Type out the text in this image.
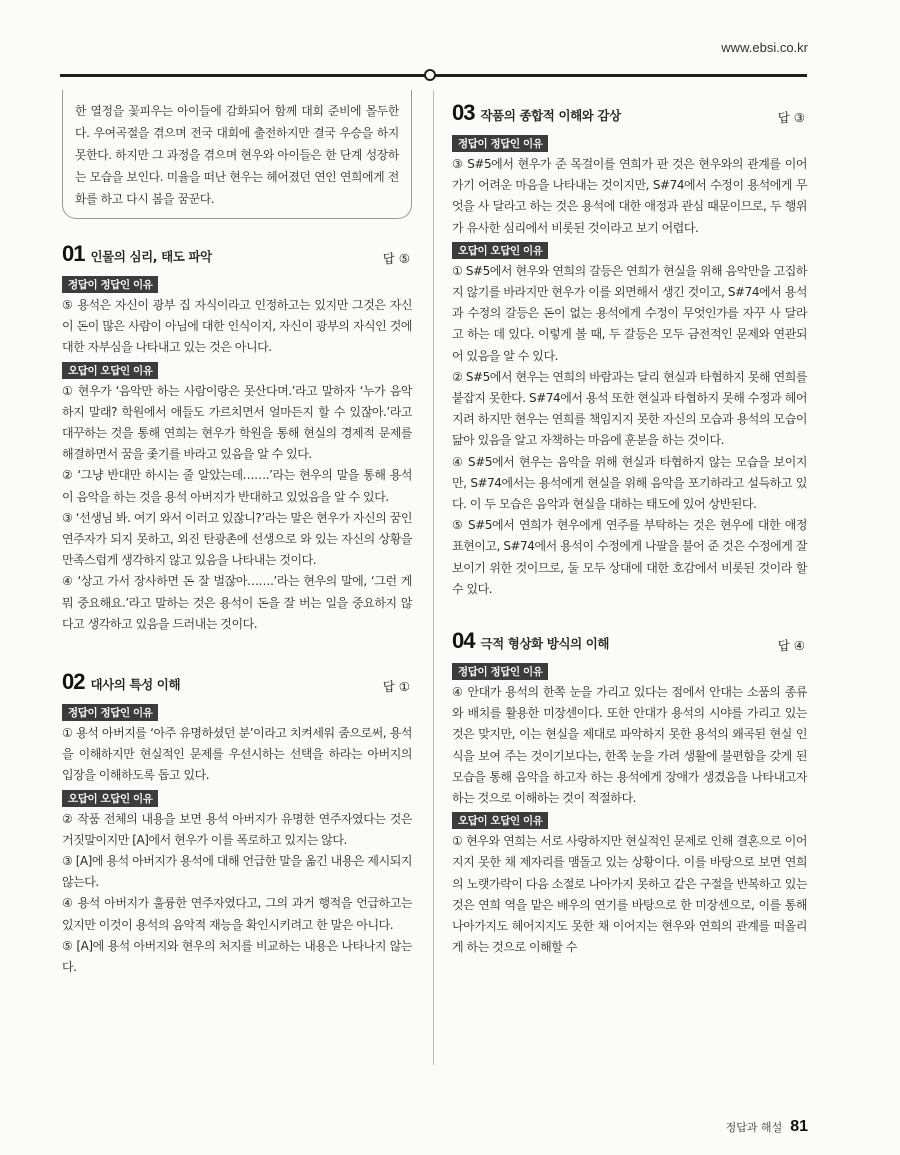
www.ebsi.co.kr
한 열정을 꽃피우는 아이들에 감화되어 함께 대회 준비에 몰두한다. 우여곡절을 겪으며 전국 대회에 출전하지만 결국 우승을 하지 못한다. 하지만 그 과정을 겪으며 현우와 아이들은 한 단계 성장하는 모습을 보인다. 미율을 떠난 현우는 헤어졌던 연인 연희에게 전화를 하고 다시 봄을 꿈꾼다.
01 인물의 심리, 태도 파악	답 ⑤
정답이 정답인 이유

⑤ 용석은 자신이 광부 집 자식이라고 인정하고는 있지만 그것은 자신이 돈이 많은 사람이 아님에 대한 인식이지, 자신이 광부의 자식인 것에 대한 자부심을 나타내고 있는 것은 아니다.

오답이 오답인 이유

① 현우가 ‘음악만 하는 사람이랑은 못산다며.’라고 말하자 ‘누가 음악하지 말래? 학원에서 애들도 가르치면서 얼마든지 할 수 있잖아.’라고 대꾸하는 것을 통해 연희는 현우가 학원을 통해 현실의 경제적 문제를 해결하면서 꿈을 좇기를 바라고 있음을 알 수 있다.

② ‘그냥 반대만 하시는 줄 알았는데…….’라는 현우의 말을 통해 용석이 음악을 하는 것을 용석 아버지가 반대하고 있었음을 알 수 있다.

③ ‘선생님 봐. 여기 와서 이러고 있잖니?’라는 말은 현우가 자신의 꿈인 연주자가 되지 못하고, 외진 탄광촌에 선생으로 와 있는 자신의 상황을 만족스럽게 생각하지 않고 있음을 나타내는 것이다.

④ ‘상고 가서 장사하면 돈 잘 벌잖아…….’라는 현우의 말에, ‘그런 게 뭐 중요해요.’라고 말하는 것은 용석이 돈을 잘 버는 일을 중요하지 않다고 생각하고 있음을 드러내는 것이다.

02 대사의 특성 이해	답 ①
정답이 정답인 이유

① 용석 아버지를 ‘아주 유명하셨던 분’이라고 치켜세워 줌으로써, 용석을 이해하지만 현실적인 문제를 우선시하는 선택을 하라는 아버지의 입장을 이해하도록 돕고 있다.

오답이 오답인 이유

② 작품 전체의 내용을 보면 용석 아버지가 유명한 연주자였다는 것은 거짓말이지만 [A]에서 현우가 이를 폭로하고 있지는 않다.

③ [A]에 용석 아버지가 용석에 대해 언급한 말을 옮긴 내용은 제시되지 않는다.

④ 용석 아버지가 훌륭한 연주자였다고, 그의 과거 행적을 언급하고는 있지만 이것이 용석의 음악적 재능을 확인시키려고 한 말은 아니다.

⑤ [A]에 용석 아버지와 현우의 처지를 비교하는 내용은 나타나지 않는다.

03 작품의 종합적 이해와 감상	답 ③
정답이 정답인 이유

③ S#5에서 현우가 준 목걸이를 연희가 판 것은 현우와의 관계를 이어 가기 어려운 마음을 나타내는 것이지만, S#74에서 수정이 용석에게 무엇을 사 달라고 하는 것은 용석에 대한 애정과 관심 때문이므로, 두 행위가 유사한 심리에서 비롯된 것이라고 보기 어렵다.

오답이 오답인 이유

① S#5에서 현우와 연희의 갈등은 연희가 현실을 위해 음악만을 고집하지 않기를 바라지만 현우가 이를 외면해서 생긴 것이고, S#74에서 용석과 수정의 갈등은 돈이 없는 용석에게 수정이 무엇인가를 자꾸 사 달라고 하는 데 있다. 이렇게 볼 때, 두 갈등은 모두 금전적인 문제와 연관되어 있음을 알 수 있다.

② S#5에서 현우는 연희의 바람과는 달리 현실과 타협하지 못해 연희를 붙잡지 못한다. S#74에서 용석 또한 현실과 타협하지 못해 수정과 헤어지려 하지만 현우는 연희를 책임지지 못한 자신의 모습과 용석의 모습이 닮아 있음을 알고 자책하는 마음에 훈분을 하는 것이다.

④ S#5에서 현우는 음악을 위해 현실과 타협하지 않는 모습을 보이지만, S#74에서는 용석에게 현실을 위해 음악을 포기하라고 설득하고 있다. 이 두 모습은 음악과 현실을 대하는 태도에 있어 상반된다.

⑤ S#5에서 연희가 현우에게 연주를 부탁하는 것은 현우에 대한 애정 표현이고, S#74에서 용석이 수정에게 나팔을 불어 준 것은 수정에게 잘 보이기 위한 것이므로, 둘 모두 상대에 대한 호감에서 비롯된 것이라 할 수 있다.

04 극적 형상화 방식의 이해	답 ④
정답이 정답인 이유

④ 안대가 용석의 한쪽 눈을 가리고 있다는 점에서 안대는 소품의 종류와 배치를 활용한 미장센이다. 또한 안대가 용석의 시야를 가리고 있는 것은 맞지만, 이는 현실을 제대로 파악하지 못한 용석의 왜곡된 현실 인식을 보여 주는 것이기보다는, 한쪽 눈을 가려 생활에 불편함을 갖게 된 모습을 통해 음악을 하고자 하는 용석에게 장애가 생겼음을 나타내고자 하는 것으로 이해하는 것이 적절하다.

오답이 오답인 이유

① 현우와 연희는 서로 사랑하지만 현실적인 문제로 인해 결혼으로 이어지지 못한 채 제자리를 맴돌고 있는 상황이다. 이를 바탕으로 보면 연희의 노랫가락이 다음 소절로 나아가지 못하고 같은 구절을 반복하고 있는 것은 연희 역을 맡은 배우의 연기를 바탕으로 한 미장센으로, 이를 통해 나아가지도 헤어지지도 못한 채 이어지는 현우와 연희의 관계를 떠올리게 하는 것으로 이해할 수

정답과 해설 81
